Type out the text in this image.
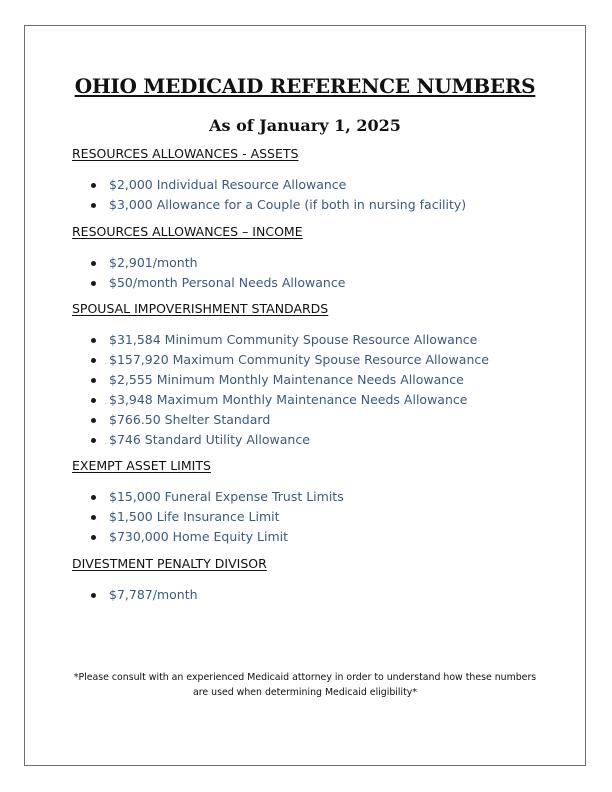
OHIO MEDICAID REFERENCE NUMBERS
As of January 1, 2025
RESOURCES ALLOWANCES - ASSETS
$2,000 Individual Resource Allowance
$3,000 Allowance for a Couple (if both in nursing facility)
RESOURCES ALLOWANCES – INCOME
$2,901/month
$50/month Personal Needs Allowance
SPOUSAL IMPOVERISHMENT STANDARDS
$31,584 Minimum Community Spouse Resource Allowance
$157,920 Maximum Community Spouse Resource Allowance
$2,555 Minimum Monthly Maintenance Needs Allowance
$3,948 Maximum Monthly Maintenance Needs Allowance
$766.50 Shelter Standard
$746 Standard Utility Allowance
EXEMPT ASSET LIMITS
$15,000 Funeral Expense Trust Limits
$1,500 Life Insurance Limit
$730,000 Home Equity Limit
DIVESTMENT PENALTY DIVISOR
$7,787/month

*Please consult with an experienced Medicaid attorney in order to understand how these numbers
are used when determining Medicaid eligibility*
